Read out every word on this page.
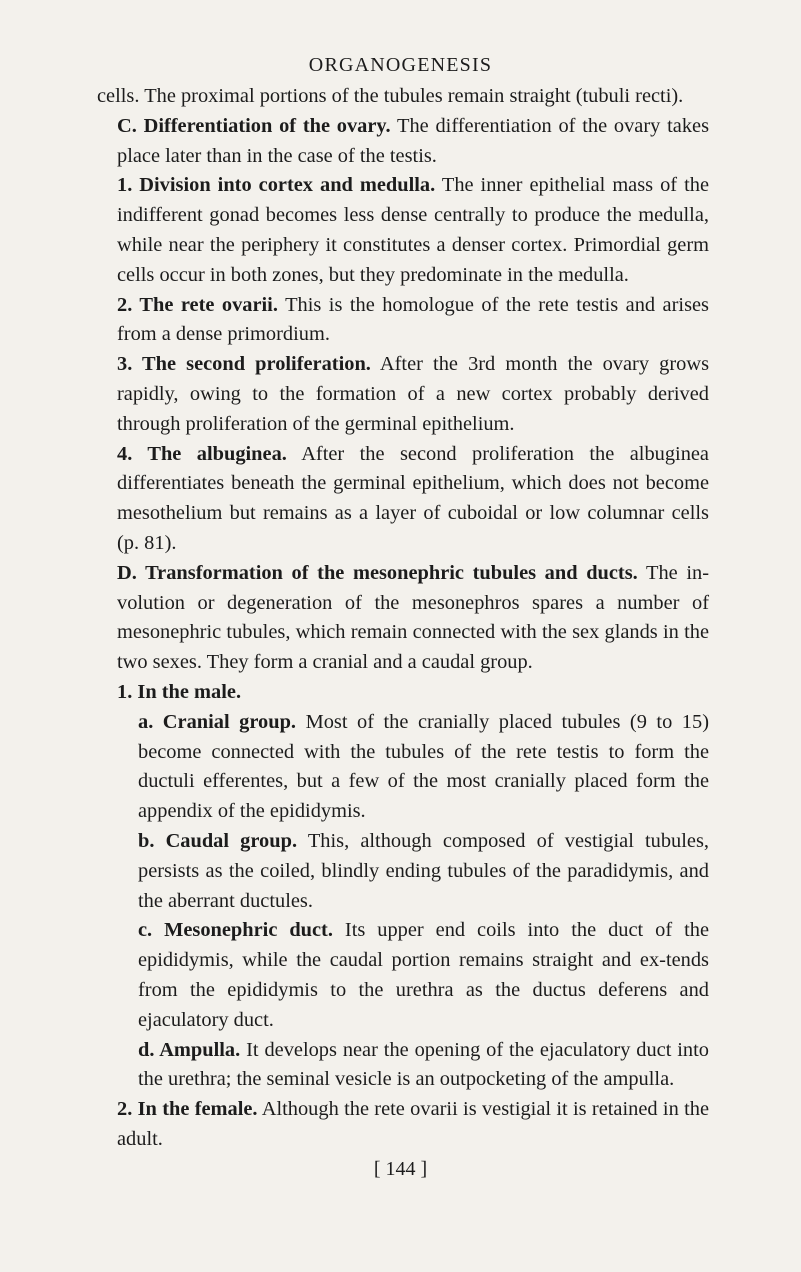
ORGANOGENESIS

cells. The proximal portions of the tubules remain straight (tubuli recti).

C. Differentiation of the ovary. The differentiation of the ovary takes place later than in the case of the testis.

1. Division into cortex and medulla. The inner epithelial mass of the indifferent gonad becomes less dense centrally to produce the medulla, while near the periphery it constitutes a denser cortex. Primordial germ cells occur in both zones, but they predominate in the medulla.

2. The rete ovarii. This is the homologue of the rete testis and arises from a dense primordium.

3. The second proliferation. After the 3rd month the ovary grows rapidly, owing to the formation of a new cortex probably derived through proliferation of the germinal epithelium.

4. The albuginea. After the second proliferation the albuginea differentiates beneath the germinal epithelium, which does not become mesothelium but remains as a layer of cuboidal or low columnar cells (p. 81).

D. Transformation of the mesonephric tubules and ducts. The in-volution or degeneration of the mesonephros spares a number of mesonephric tubules, which remain connected with the sex glands in the two sexes. They form a cranial and a caudal group.

1. In the male.

a. Cranial group. Most of the cranially placed tubules (9 to 15) become connected with the tubules of the rete testis to form the ductuli efferentes, but a few of the most cranially placed form the appendix of the epididymis.

b. Caudal group. This, although composed of vestigial tubules, persists as the coiled, blindly ending tubules of the paradidymis, and the aberrant ductules.

c. Mesonephric duct. Its upper end coils into the duct of the epididymis, while the caudal portion remains straight and ex-tends from the epididymis to the urethra as the ductus deferens and ejaculatory duct.

d. Ampulla. It develops near the opening of the ejaculatory duct into the urethra; the seminal vesicle is an outpocketing of the ampulla.

2. In the female. Although the rete ovarii is vestigial it is retained in the adult.

[ 144 ]
